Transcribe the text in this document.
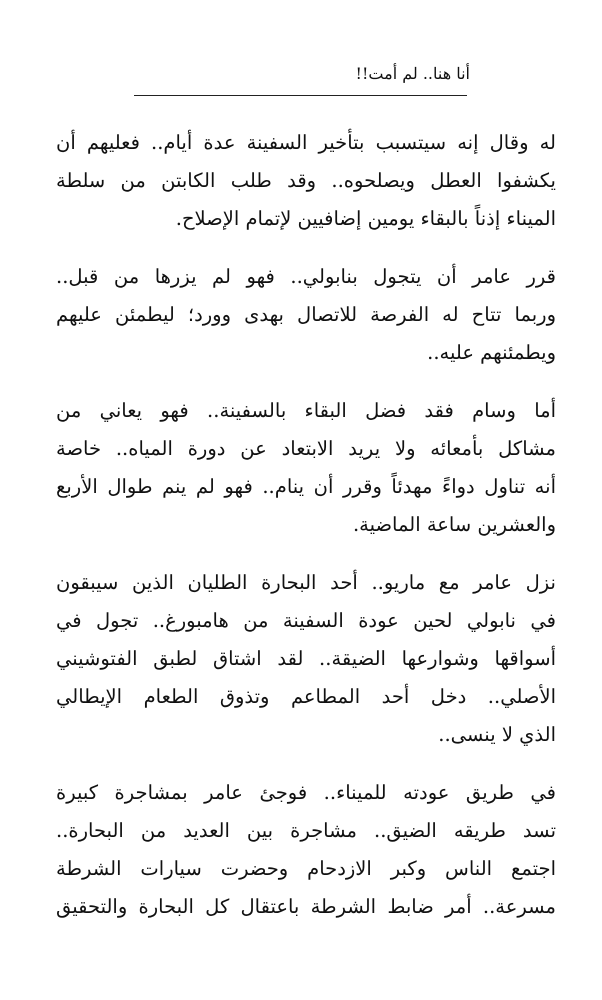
أنا هنا.. لم أمت!!
له وقال إنه سيتسبب بتأخير السفينة عدة أيام.. فعليهم أن
يكشفوا العطل ويصلحوه.. وقد طلب الكابتن من سلطة
الميناء إذناً بالبقاء يومين إضافيين لإتمام الإصلاح.
قرر عامر أن يتجول بنابولي.. فهو لم يزرها من قبل..
وربما تتاح له الفرصة للاتصال بهدى وورد؛ ليطمئن عليهم
ويطمئنهم عليه..
أما وسام فقد فضل البقاء بالسفينة.. فهو يعاني من
مشاكل بأمعائه ولا يريد الابتعاد عن دورة المياه.. خاصة
أنه تناول دواءً مهدئاً وقرر أن ينام.. فهو لم ينم طوال الأربع
والعشرين ساعة الماضية.
نزل عامر مع ماريو.. أحد البحارة الطليان الذين سيبقون
في نابولي لحين عودة السفينة من هامبورغ.. تجول في
أسواقها وشوارعها الضيقة.. لقد اشتاق لطبق الفتوشيني
الأصلي.. دخل أحد المطاعم وتذوق الطعام الإيطالي
الذي لا ينسى..
في طريق عودته للميناء.. فوجئ عامر بمشاجرة كبيرة
تسد طريقه الضيق.. مشاجرة بين العديد من البحارة..
اجتمع الناس وكبر الازدحام وحضرت سيارات الشرطة
مسرعة.. أمر ضابط الشرطة باعتقال كل البحارة والتحقيق
